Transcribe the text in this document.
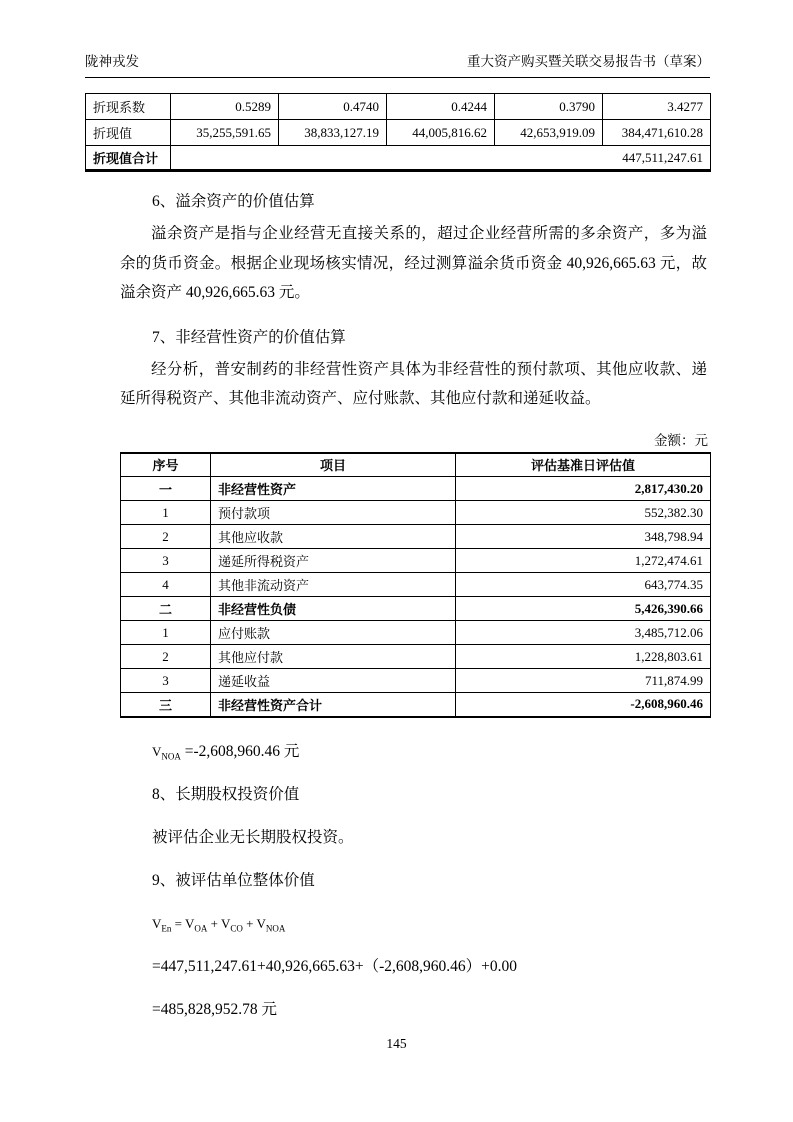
陇神戎发	重大资产购买暨关联交易报告书（草案）
折现系数	0.5289	0.4740	0.4244	0.3790	3.4277
折现值	35,255,591.65	38,833,127.19	44,005,816.62	42,653,919.09	384,471,610.28
折现值合计	447,511,247.61				
6、溢余资产的价值估算

溢余资产是指与企业经营无直接关系的，超过企业经营所需的多余资产，多为溢余的货币资金。根据企业现场核实情况，经过测算溢余货币资金 40,926,665.63 元，故溢余资产 40,926,665.63 元。

7、非经营性资产的价值估算

经分析，普安制药的非经营性资产具体为非经营性的预付款项、其他应收款、递延所得税资产、其他非流动资产、应付账款、其他应付款和递延收益。

金额：元
序号	项目	评估基准日评估值
一	非经营性资产	2,817,430.20
1	预付款项	552,382.30
2	其他应收款	348,798.94
3	递延所得税资产	1,272,474.61
4	其他非流动资产	643,774.35
二	非经营性负债	5,426,390.66
1	应付账款	3,485,712.06
2	其他应付款	1,228,803.61
3	递延收益	711,874.99
三	非经营性资产合计	-2,608,960.46
$V_{NOA} =-2,608,960.46$ 元
8、长期股权投资价值
被评估企业无长期股权投资。
9、被评估单位整体价值
$V_{En} = V_{OA} + V_{CO} + V_{NOA}$
=447,511,247.61+40,926,665.63+（-2,608,960.46）+0.00
=485,828,952.78 元
145
